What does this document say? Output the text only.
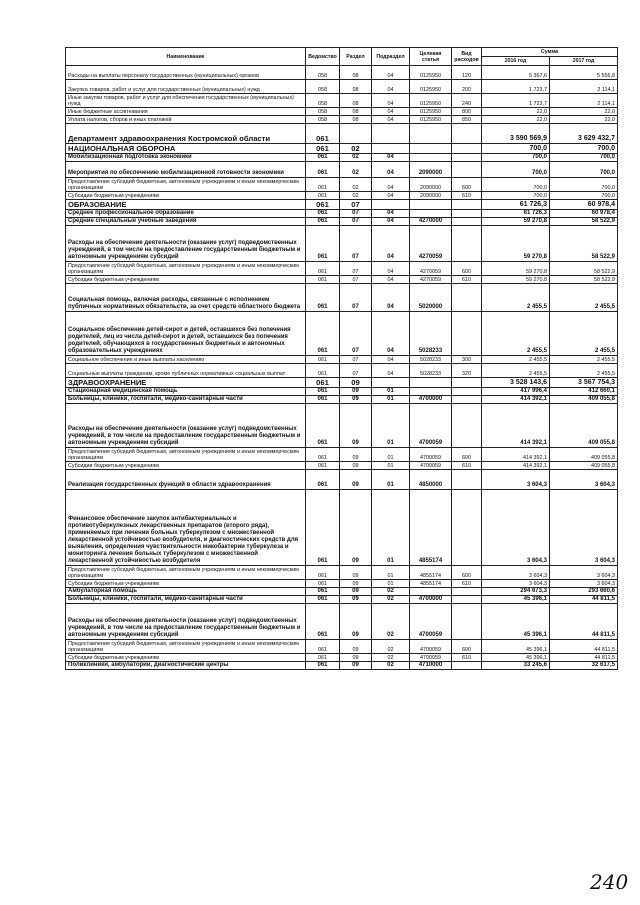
Наименование	Ведомство	Раздел	Подраздел	Целевая статья	Вид расходов	Сумма	
						2016 год	2017 год
Расходы на выплаты персоналу государственных (муниципальных) органов	058	08	04	0125950	120	5 367,6	5 556,8
Закупка товаров, работ и услуг для государственных (муниципальных) нужд	058	08	04	0125950	200	1 723,7	2 114,1
Иные закупки товаров, работ и услуг для обеспечения государственных (муниципальных) нужд	058	08	04	0125950	240	1 723,7	2 114,1
Иные бюджетные ассигнования	058	08	04	0125950	800	22,0	22,0
Уплата налогов, сборов и иных платежей	058	08	04	0125950	850	22,0	22,0
Департамент здравоохранения Костромской области	061					3 590 569,9	3 629 432,7
НАЦИОНАЛЬНАЯ ОБОРОНА	061	02				700,0	700,0
Мобилизационная подготовка экономики	061	02	04			700,0	700,0
Мероприятия по обеспечению мобилизационной готовности экономики	061	02	04	2090000		700,0	700,0
Предоставление субсидий бюджетным, автономным учреждениям и иным некоммерческим организациям	061	02	04	2090000	600	700,0	700,0
Субсидии бюджетным учреждениям	061	02	04	2090000	610	700,0	700,0
ОБРАЗОВАНИЕ	061	07				61 726,3	60 978,4
Среднее профессиональное образование	061	07	04			61 726,3	60 978,4
Средние специальные учебные заведения	061	07	04	4270000		59 270,8	58 522,9
Расходы на обеспечение деятельности (оказание услуг) подведомственных учреждений, в том числе на предоставление государственным бюджетным и автономным учреждениям субсидий	061	07	04	4270059		59 270,8	58 522,9
Предоставление субсидий бюджетным, автономным учреждениям и иным некоммерческим организациям	061	07	04	4270059	600	59 270,8	58 522,9
Субсидии бюджетным учреждениям	061	07	04	4270059	610	59 270,8	58 522,9
Социальная помощь, включая расходы, связанные с исполнением публичных нормативных обязательств, за счет средств областного бюджета	061	07	04	5020000		2 455,5	2 455,5
Социальное обеспечение детей-сирот и детей, оставшихся без попечения родителей, лиц из числа детей-сирот и детей, оставшихся без попечения родителей, обучающихся в государственных бюджетных и автономных образовательных учреждениях	061	07	04	5028233		2 455,5	2 455,5
Социальное обеспечение и иные выплаты населению	061	07	04	5028233	300	2 455,5	2 455,5
Социальные выплаты гражданам, кроме публичных нормативных социальных выплат	061	07	04	5028233	320	2 455,5	2 455,5
ЗДРАВООХРАНЕНИЕ	061	09				3 528 143,6	3 567 754,3
Стационарная медицинская помощь	061	09	01			417 996,4	412 660,1
Больницы, клиники, госпитали, медико-санитарные части	061	09	01	4700000		414 392,1	409 055,8
Расходы на обеспечение деятельности (оказание услуг) подведомственных учреждений, в том числе на предоставление государственным бюджетным и автономным учреждениям субсидий	061	09	01	4700059		414 392,1	409 055,8
Предоставление субсидий бюджетным, автономным учреждениям и иным некоммерческим организациям	061	09	01	4700059	600	414 392,1	409 055,8
Субсидии бюджетным учреждениям	061	09	01	4700059	610	414 392,1	409 055,8
Реализация государственных функций в области здравоохранения	061	09	01	4850000		3 604,3	3 604,3
Финансовое обеспечение закупок антибактериальных и противотуберкулезных лекарственных препаратов (второго ряда), применяемых при лечении больных туберкулезом с множественной лекарственной устойчивостью возбудителя, и диагностических средств для выявления, определения чувствительности микобактерии туберкулеза и мониторинга лечения больных туберкулезом с множественной лекарственной устойчивостью возбудителя	061	09	01	4855174		3 604,3	3 604,3
Предоставление субсидий бюджетным, автономным учреждениям и иным некоммерческим организациям	061	09	01	4855174	600	3 604,3	3 604,3
Субсидии бюджетным учреждениям	061	09	01	4855174	610	3 604,3	3 604,3
Амбулаторная помощь	061	09	02			294 673,3	293 660,6
Больницы, клиники, госпитали, медико-санитарные части	061	09	02	4700000		45 396,1	44 811,5
Расходы на обеспечение деятельности (оказание услуг) подведомственных учреждений, в том числе на предоставление государственным бюджетным и автономным учреждениям субсидий	061	09	02	4700059		45 396,1	44 811,5
Предоставление субсидий бюджетным, автономным учреждениям и иным некоммерческим организациям	061	09	02	4700059	600	45 396,1	44 811,5
Субсидии бюджетным учреждениям	061	09	02	4700059	610	45 396,1	44 811,5
Поликлиники, амбулатории, диагностические центры	061	09	02	4710000		33 245,6	32 617,5
240
